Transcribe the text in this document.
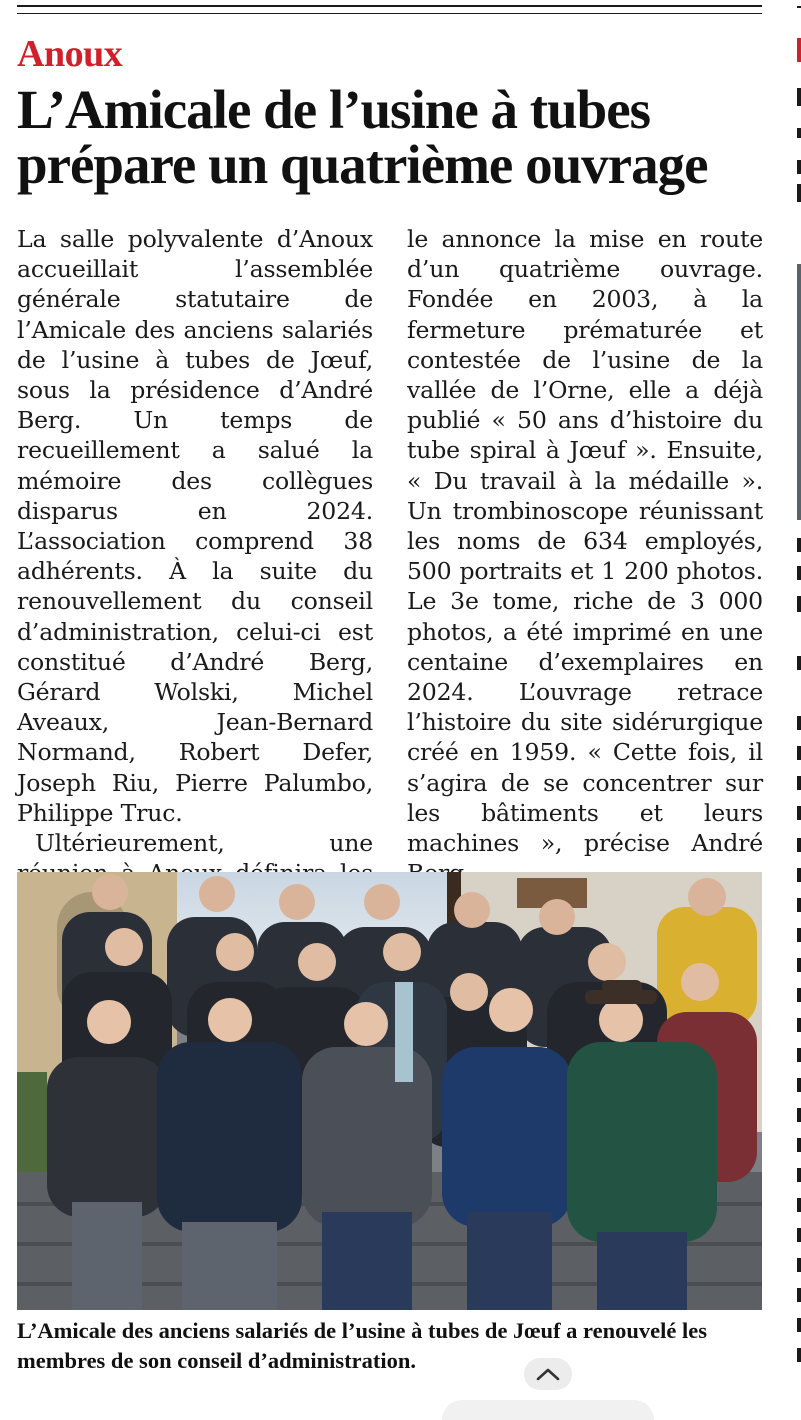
Anoux
L’Amicale de l’usine à tubes prépare un quatrième ouvrage

La salle polyvalente d’Anoux accueillait l’assemblée générale statutaire de l’Amicale des anciens salariés de l’usine à tubes de Jœuf, sous la présidence d’André Berg. Un temps de recueillement a salué la mémoire des collègues disparus en 2024. L’association comprend 38 adhérents. À la suite du renouvellement du conseil d’administration, celui-ci est constitué d’André Berg, Gérard Wolski, Michel Aveaux, Jean-Bernard Normand, Robert Defer, Joseph Riu, Pierre Palumbo, Philippe Truc.

Ultérieurement, une

le annonce la mise en route d’un quatrième ouvrage. Fondée en 2003, à la fermeture prématurée et contestée de l’usine de la vallée de l’Orne, elle a déjà publié « 50 ans d’histoire du tube spiral à Jœuf ». Ensuite, « Du travail à la médaille ». Un trombinoscope réunissant les noms de 634 employés, 500 portraits et 1 200 photos. Le 3e tome, riche de 3 000 photos, a été imprimé en une centaine d’exemplaires en 2024. L’ouvrage retrace l’histoire du site sidérurgique créé en 1959. « Cette fois, il s’agira de se concentrer sur les bâtiments et leurs machines », précise André

L’Amicale des anciens salariés de l’usine à tubes de Jœuf a renouvelé les membres de son conseil d’administration.
